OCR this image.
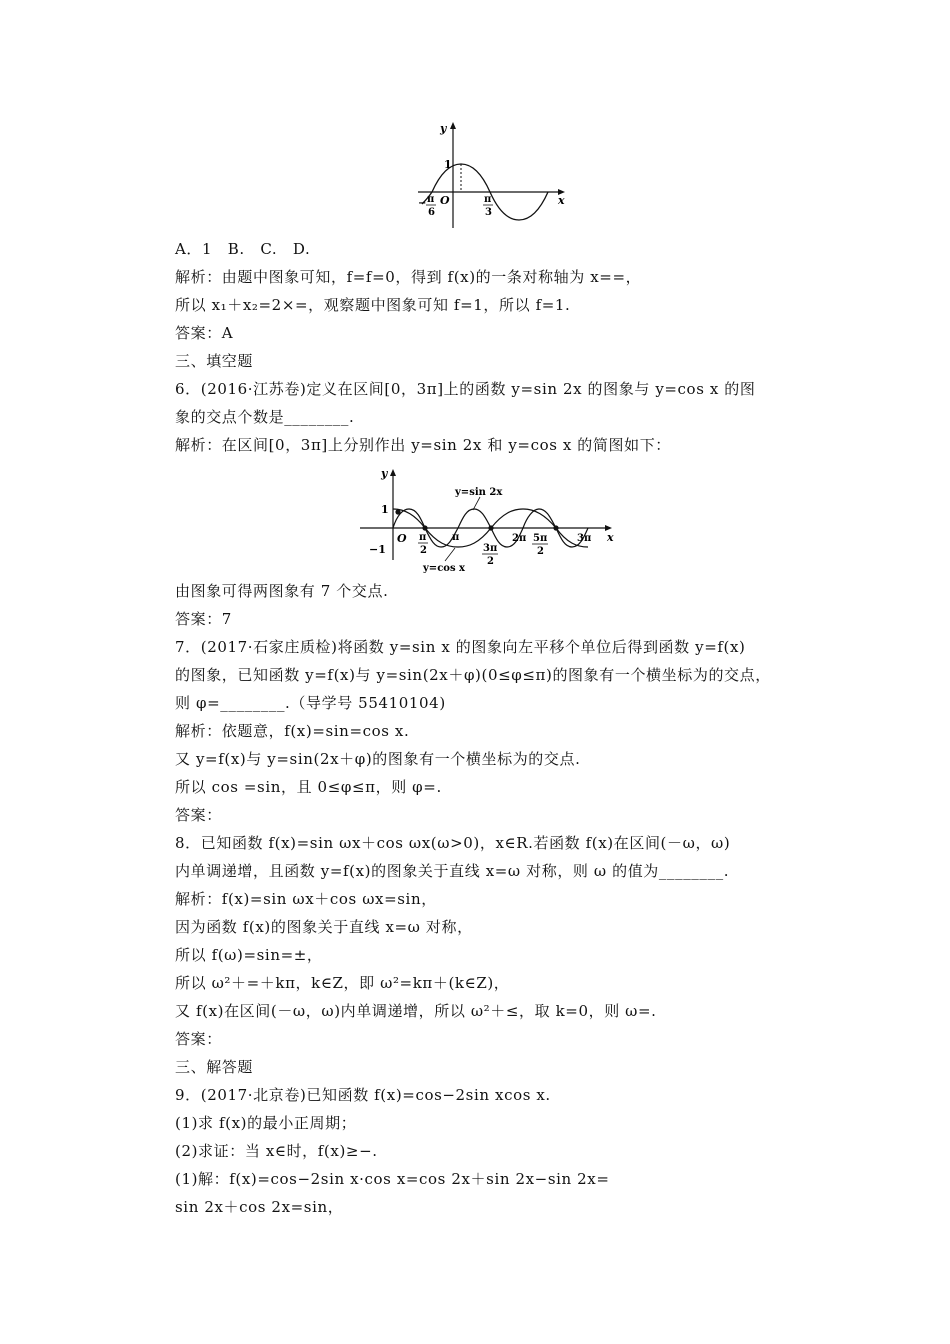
y
x
1
O
− π
6
π
3
A．1　B.　C.　D.
解析：由题中图象可知，f=f=0，得到 f(x)的一条对称轴为 x==，
所以 x₁＋x₂=2×=，观察题中图象可知 f=1，所以 f=1.
答案：A
三、填空题
6．(2016·江苏卷)定义在区间[0，3π]上的函数 y=sin 2x 的图象与 y=cos x 的图
象的交点个数是________.
解析：在区间[0，3π]上分别作出 y=sin 2x 和 y=cos x 的简图如下：
y
x
1
−1
O
y=sin 2x
y=cos x
π
2
π
3π
2
2π 5π
2
3π
由图象可得两图象有 7 个交点.
答案：7
7．(2017·石家庄质检)将函数 y=sin x 的图象向左平移个单位后得到函数 y=f(x)
的图象，已知函数 y=f(x)与 y=sin(2x＋φ)(0≤φ≤π)的图象有一个横坐标为的交点，
则 φ=________.（导学号 55410104)
解析：依题意，f(x)=sin=cos x.
又 y=f(x)与 y=sin(2x＋φ)的图象有一个横坐标为的交点.
所以 cos =sin，且 0≤φ≤π，则 φ=.
答案：
8．已知函数 f(x)=sin ωx＋cos ωx(ω>0)，x∈R.若函数 f(x)在区间(－ω，ω)
内单调递增，且函数 y=f(x)的图象关于直线 x=ω 对称，则 ω 的值为________.
解析：f(x)=sin ωx＋cos ωx=sin，
因为函数 f(x)的图象关于直线 x=ω 对称，
所以 f(ω)=sin=±，
所以 ω²＋=＋kπ，k∈Z，即 ω²=kπ＋(k∈Z)，
又 f(x)在区间(－ω，ω)内单调递增，所以 ω²＋≤，取 k=0，则 ω=.
答案：
三、解答题
9．(2017·北京卷)已知函数 f(x)=cos−2sin xcos x.
(1)求 f(x)的最小正周期；
(2)求证：当 x∈时，f(x)≥−.
(1)解：f(x)=cos−2sin x·cos x=cos 2x＋sin 2x−sin 2x=
sin 2x＋cos 2x=sin，
